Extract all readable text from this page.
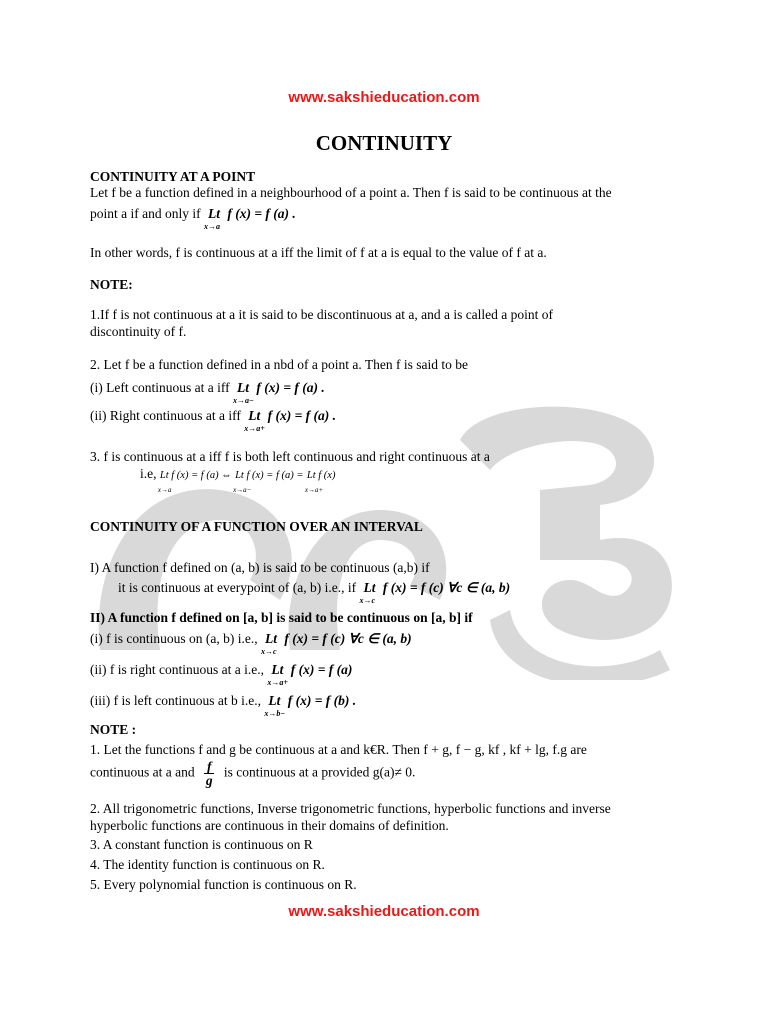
www.sakshieducation.com
CONTINUITY
CONTINUITY AT A POINT
Let f be a function defined in a neighbourhood of a point a. Then f is said to be continuous at the
point a if and only if Lt
x→a
f (x) = f (a) .
In other words, f is continuous at a iff the limit of f at a is equal to the value of f at a.
NOTE:
1.If f is not continuous at a it is said to be discontinuous at a, and a is called a point of
discontinuity of f.
2. Let f be a function defined in a nbd of a point a. Then f is said to be
(i) Left continuous at a iff Lt
x→a−
f (x) = f (a) .
(ii) Right continuous at a iff Lt
x→a+
f (x) = f (a) .
3. f is continuous at a iff f is both left continuous and right continuous at a
i.e, Lt f (x) = f (a) ⇔
x→a
Lt f (x) = f (a) =
x→a−
Lt f (x)
x→a+
CONTINUITY OF A FUNCTION OVER AN INTERVAL
I) A function f defined on (a, b) is said to be continuous (a,b) if
it is continuous at everypoint of (a, b) i.e., if Lt
x→c
f (x) = f (c) ∀c ∈ (a, b)
II) A function f defined on [a, b] is said to be continuous on [a, b] if
(i) f is continuous on (a, b) i.e., Lt
x→c
f (x) = f (c) ∀c ∈ (a, b)
(ii) f is right continuous at a i.e., Lt
x→a+
f (x) = f (a)
(iii) f is left continuous at b i.e., Lt
x→b−
f (x) = f (b) .
NOTE :
1. Let the functions f and g be continuous at a and k€R. Then f + g, f − g, kf , kf + lg, f.g are
continuous at a and $\frac{f}{g}$ is continuous at a provided g(a)≠ 0.
2. All trigonometric functions, Inverse trigonometric functions, hyperbolic functions and inverse
hyperbolic functions are continuous in their domains of definition.
3. A constant function is continuous on R
4. The identity function is continuous on R.
5. Every polynomial function is continuous on R.
www.sakshieducation.com
